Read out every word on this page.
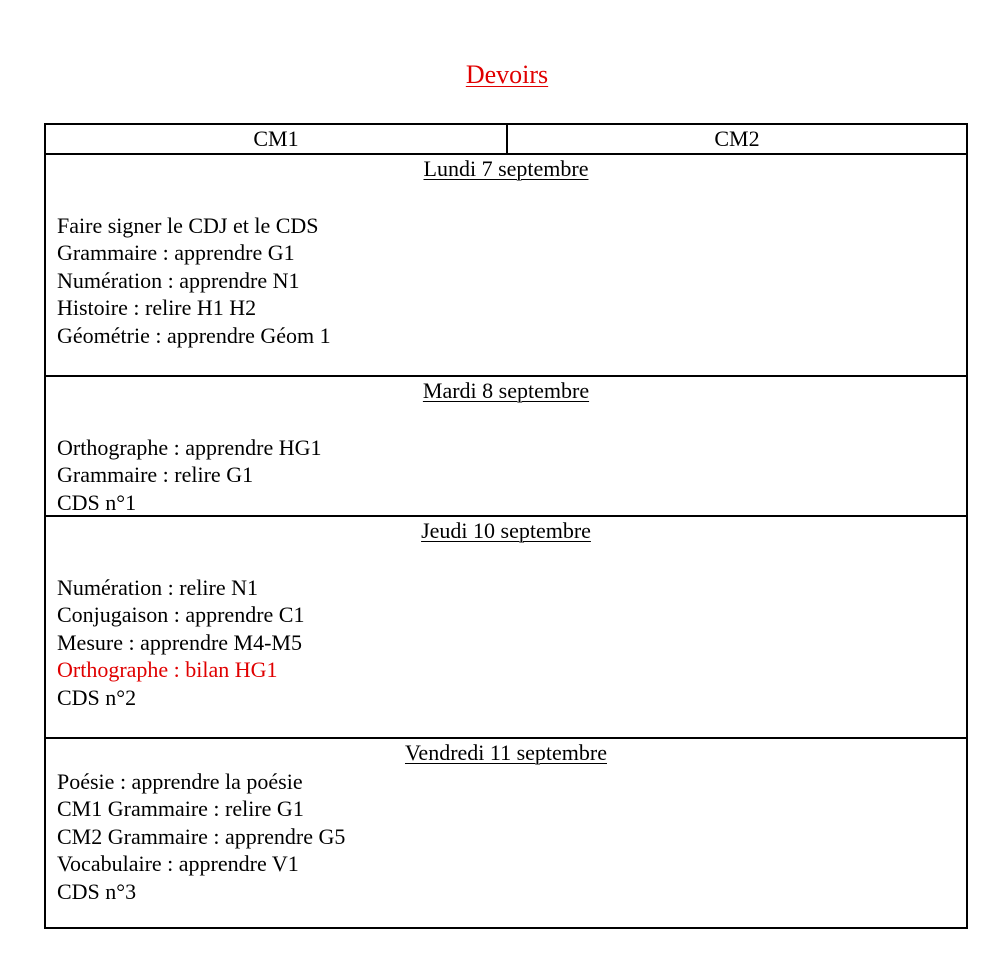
Devoirs
CM1	CM2
Lundi 7 septembre
Faire signer le CDJ et le CDS
Grammaire : apprendre G1
Numération : apprendre N1
Histoire : relire H1 H2
Géométrie : apprendre Géom 1
Mardi 8 septembre
Orthographe : apprendre HG1
Grammaire : relire G1
CDS n°1
Jeudi 10 septembre
Numération : relire N1
Conjugaison : apprendre C1
Mesure : apprendre M4-M5
Orthographe : bilan HG1
CDS n°2
Vendredi 11 septembre
Poésie : apprendre la poésie
CM1 Grammaire : relire G1
CM2 Grammaire : apprendre G5
Vocabulaire : apprendre V1
CDS n°3
